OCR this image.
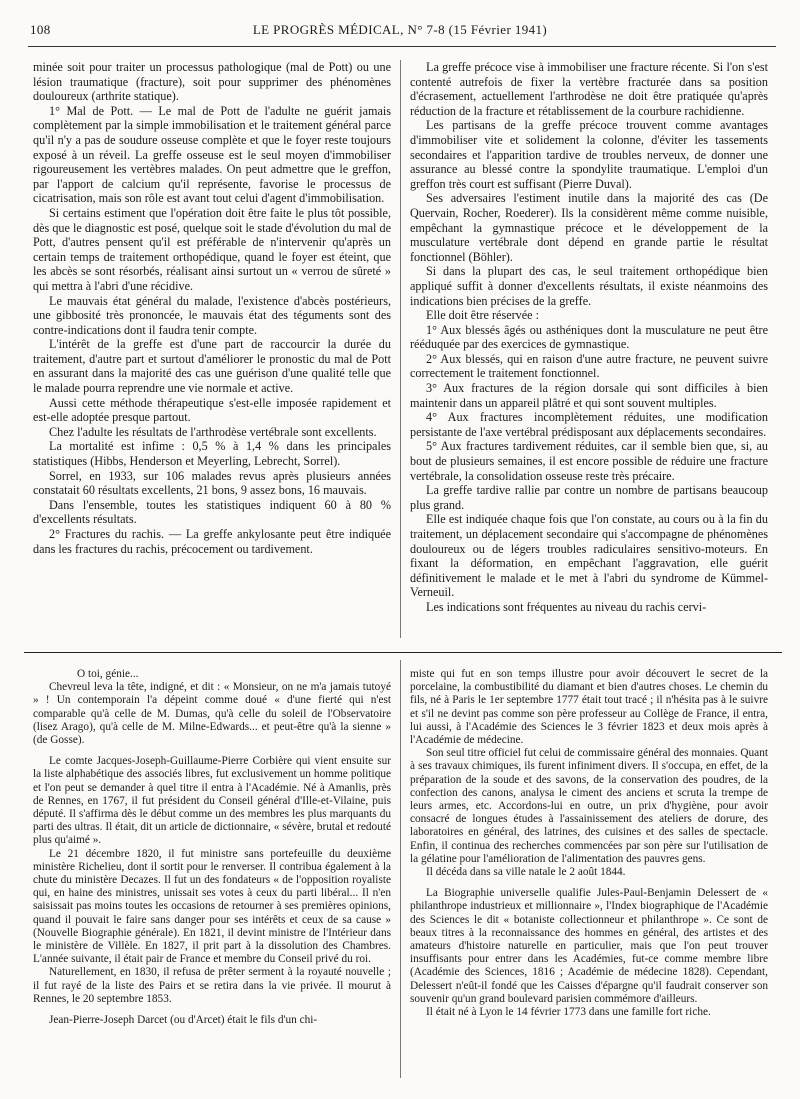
108	LE PROGRÈS MÉDICAL, N° 7-8 (15 Février 1941)

minée soit pour traiter un processus pathologique (mal de Pott) ou une lésion traumatique (fracture), soit pour supprimer des phénomènes douloureux (arthrite statique).

1° Mal de Pott. — Le mal de Pott de l'adulte ne guérit jamais complètement par la simple immobilisation et le traitement général parce qu'il n'y a pas de soudure osseuse complète et que le foyer reste toujours exposé à un réveil. La greffe osseuse est le seul moyen d'immobiliser rigoureusement les vertèbres malades. On peut admettre que le greffon, par l'apport de calcium qu'il représente, favorise le processus de cicatrisation, mais son rôle est avant tout celui d'agent d'immobilisation.

Si certains estiment que l'opération doit être faite le plus tôt possible, dès que le diagnostic est posé, quelque soit le stade d'évolution du mal de Pott, d'autres pensent qu'il est préférable de n'intervenir qu'après un certain temps de traitement orthopédique, quand le foyer est éteint, que les abcès se sont résorbés, réalisant ainsi surtout un « verrou de sûreté » qui mettra à l'abri d'une récidive.

Le mauvais état général du malade, l'existence d'abcès postérieurs, une gibbosité très prononcée, le mauvais état des téguments sont des contre-indications dont il faudra tenir compte.

L'intérêt de la greffe est d'une part de raccourcir la durée du traitement, d'autre part et surtout d'améliorer le pronostic du mal de Pott en assurant dans la majorité des cas une guérison d'une qualité telle que le malade pourra reprendre une vie normale et active.

Aussi cette méthode thérapeutique s'est-elle imposée rapidement et est-elle adoptée presque partout.

Chez l'adulte les résultats de l'arthrodèse vertébrale sont excellents.

La mortalité est infime : 0,5 % à 1,4 % dans les principales statistiques (Hibbs, Henderson et Meyerling, Lebrecht, Sorrel).

Sorrel, en 1933, sur 106 malades revus après plusieurs années constatait 60 résultats excellents, 21 bons, 9 assez bons, 16 mauvais.

Dans l'ensemble, toutes les statistiques indiquent 60 à 80 % d'excellents résultats.

2° Fractures du rachis. — La greffe ankylosante peut être indiquée dans les fractures du rachis, précocement ou tardivement.

La greffe précoce vise à immobiliser une fracture récente. Si l'on s'est contenté autrefois de fixer la vertèbre fracturée dans sa position d'écrasement, actuellement l'arthrodèse ne doit être pratiquée qu'après réduction de la fracture et rétablissement de la courbure rachidienne.

Les partisans de la greffe précoce trouvent comme avantages d'immobiliser vite et solidement la colonne, d'éviter les tassements secondaires et l'apparition tardive de troubles nerveux, de donner une assurance au blessé contre la spondylite traumatique. L'emploi d'un greffon très court est suffisant (Pierre Duval).

Ses adversaires l'estiment inutile dans la majorité des cas (De Quervain, Rocher, Roederer). Ils la considèrent même comme nuisible, empêchant la gymnastique précoce et le développement de la musculature vertébrale dont dépend en grande partie le résultat fonctionnel (Böhler).

Si dans la plupart des cas, le seul traitement orthopédique bien appliqué suffit à donner d'excellents résultats, il existe néanmoins des indications bien précises de la greffe.

Elle doit être réservée :

1° Aux blessés âgés ou asthéniques dont la musculature ne peut être rééduquée par des exercices de gymnastique.

2° Aux blessés, qui en raison d'une autre fracture, ne peuvent suivre correctement le traitement fonctionnel.

3° Aux fractures de la région dorsale qui sont difficiles à bien maintenir dans un appareil plâtré et qui sont souvent multiples.

4° Aux fractures incomplètement réduites, une modification persistante de l'axe vertébral prédisposant aux déplacements secondaires.

5° Aux fractures tardivement réduites, car il semble bien que, si, au bout de plusieurs semaines, il est encore possible de réduire une fracture vertébrale, la consolidation osseuse reste très précaire.

La greffe tardive rallie par contre un nombre de partisans beaucoup plus grand.

Elle est indiquée chaque fois que l'on constate, au cours ou à la fin du traitement, un déplacement secondaire qui s'accompagne de phénomènes douloureux ou de légers troubles radiculaires sensitivo-moteurs. En fixant la déformation, en empêchant l'aggravation, elle guérit définitivement le malade et le met à l'abri du syndrome de Kümmel-Verneuil.

Les indications sont fréquentes au niveau du rachis cervi-

O toi, génie...

Chevreul leva la tête, indigné, et dit : « Monsieur, on ne m'a jamais tutoyé » ! Un contemporain l'a dépeint comme doué « d'une fierté qui n'est comparable qu'à celle de M. Dumas, qu'à celle du soleil de l'Observatoire (lisez Arago), qu'à celle de M. Milne-Edwards... et peut-être qu'à la sienne » (de Gosse).

Le comte Jacques-Joseph-Guillaume-Pierre Corbière qui vient ensuite sur la liste alphabétique des associés libres, fut exclusivement un homme politique et l'on peut se demander à quel titre il entra à l'Académie. Né à Amanlis, près de Rennes, en 1767, il fut président du Conseil général d'Ille-et-Vilaine, puis député. Il s'affirma dès le début comme un des membres les plus marquants du parti des ultras. Il était, dit un article de dictionnaire, « sévère, brutal et redouté plus qu'aimé ».

Le 21 décembre 1820, il fut ministre sans portefeuille du deuxième ministère Richelieu, dont il sortit pour le renverser. Il contribua également à la chute du ministère Decazes. Il fut un des fondateurs « de l'opposition royaliste qui, en haine des ministres, unissait ses votes à ceux du parti libéral... Il n'en saisissait pas moins toutes les occasions de retourner à ses premières opinions, quand il pouvait le faire sans danger pour ses intérêts et ceux de sa cause » (Nouvelle Biographie générale). En 1821, il devint ministre de l'Intérieur dans le ministère de Villèle. En 1827, il prit part à la dissolution des Chambres. L'année suivante, il était pair de France et membre du Conseil privé du roi.

Naturellement, en 1830, il refusa de prêter serment à la royauté nouvelle ; il fut rayé de la liste des Pairs et se retira dans la vie privée. Il mourut à Rennes, le 20 septembre 1853.

Jean-Pierre-Joseph Darcet (ou d'Arcet) était le fils d'un chi-

miste qui fut en son temps illustre pour avoir découvert le secret de la porcelaine, la combustibilité du diamant et bien d'autres choses. Le chemin du fils, né à Paris le 1er septembre 1777 était tout tracé ; il n'hésita pas à le suivre et s'il ne devint pas comme son père professeur au Collège de France, il entra, lui aussi, à l'Académie des Sciences le 3 février 1823 et deux mois après à l'Académie de médecine.

Son seul titre officiel fut celui de commissaire général des monnaies. Quant à ses travaux chimiques, ils furent infiniment divers. Il s'occupa, en effet, de la préparation de la soude et des savons, de la conservation des poudres, de la confection des canons, analysa le ciment des anciens et scruta la trempe de leurs armes, etc. Accordons-lui en outre, un prix d'hygiène, pour avoir consacré de longues études à l'assainissement des ateliers de dorure, des laboratoires en général, des latrines, des cuisines et des salles de spectacle. Enfin, il continua des recherches commencées par son père sur l'utilisation de la gélatine pour l'amélioration de l'alimentation des pauvres gens.

Il décéda dans sa ville natale le 2 août 1844.

La Biographie universelle qualifie Jules-Paul-Benjamin Delessert de « philanthrope industrieux et millionnaire », l'Index biographique de l'Académie des Sciences le dit « botaniste collectionneur et philanthrope ». Ce sont de beaux titres à la reconnaissance des hommes en général, des artistes et des amateurs d'histoire naturelle en particulier, mais que l'on peut trouver insuffisants pour entrer dans les Académies, fut-ce comme membre libre (Académie des Sciences, 1816 ; Académie de médecine 1828). Cependant, Delessert n'eût-il fondé que les Caisses d'épargne qu'il faudrait conserver son souvenir qu'un grand boulevard parisien commémore d'ailleurs.

Il était né à Lyon le 14 février 1773 dans une famille fort riche.
